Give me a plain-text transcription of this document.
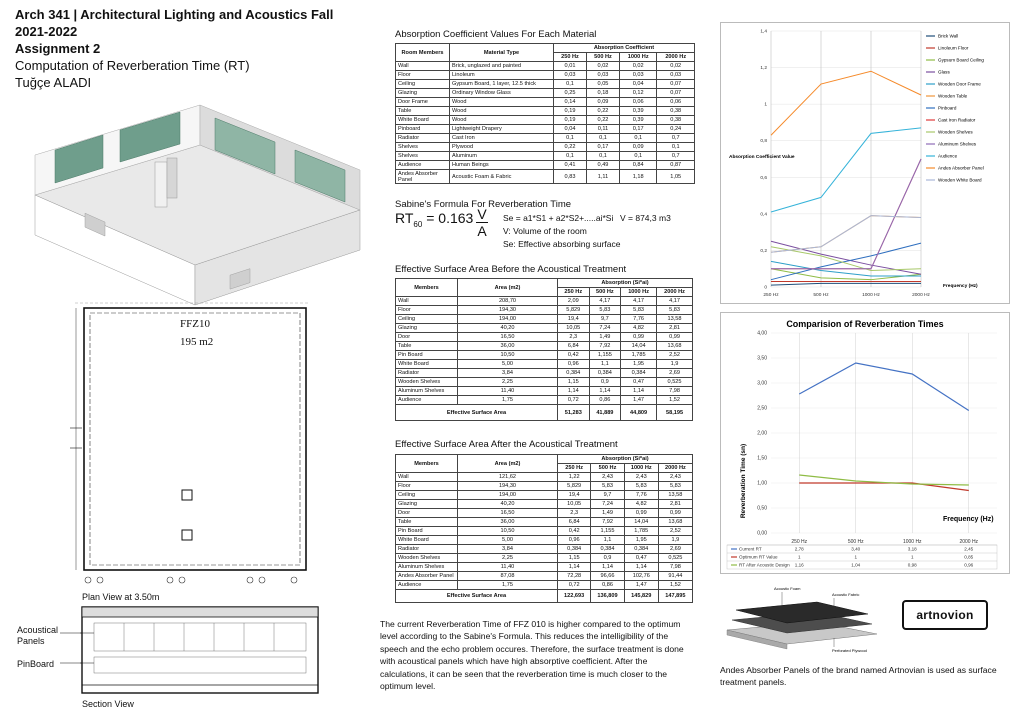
Arch 341 | Architectural Lighting and Acoustics Fall
2021-2022
Assignment 2
Computation of Reverberation Time (RT)
Tuğçe ALADI
FFZ10
195 m2
Plan View at 3.50m
Acoustical
Panels
PinBoard
Section View
Absorption Coefficient Values For Each Material
Room Members	Material Type	Absorption Coefficient			
		250 Hz	500 Hz	1000 Hz	2000 Hz
Wall	Brick, unglazed and painted	0,01	0,02	0,02	0,02
Floor	Linoleum	0,03	0,03	0,03	0,03
Ceiling	Gypsum Board, 1 layer, 12.5 thick	0,1	0,05	0,04	0,07
Glazing	Ordinary Window Glass	0,25	0,18	0,12	0,07
Door Frame	Wood	0,14	0,09	0,06	0,06
Table	Wood	0,19	0,22	0,39	0,38
White Board	Wood	0,19	0,22	0,39	0,38
Pinboard	Lightweight Drapery	0,04	0,11	0,17	0,24
Radiator	Cast Iron	0,1	0,1	0,1	0,7
Shelves	Plywood	0,22	0,17	0,09	0,1
Shelves	Aluminum	0,1	0,1	0,1	0,7
Audience	Human Beings	0,41	0,49	0,84	0,87
Andes Absorber Panel	Acoustic Foam & Fabric	0,83	1,11	1,18	1,05
Sabine's Formula For Reverberation Time
$RT_{60} = 0.163 \frac{V}{A}$ Se = a1*S1 + a2*S2+.....ai*Si V = 874,3 m3
V: Volume of the room
Se: Effective absorbing surface
Effective Surface Area Before the Acoustical Treatment
Members	Area (m2)	Absorption (Si*ai)			
		250 Hz	500 Hz	1000 Hz	2000 Hz
Wall	208,70	2,09	4,17	4,17	4,17
Floor	194,30	5,829	5,83	5,83	5,83
Ceiling	194,00	19,4	9,7	7,76	13,58
Glazing	40,20	10,05	7,24	4,82	2,81
Door	16,50	2,3	1,49	0,99	0,99
Table	36,00	6,84	7,92	14,04	13,68
Pin Board	10,50	0,42	1,155	1,785	2,52
White Board	5,00	0,96	1,1	1,95	1,9
Radiator	3,84	0,384	0,384	0,384	2,69
Wooden Shelves	2,25	1,15	0,9	0,47	0,525
Aluminum Shelves	11,40	1,14	1,14	1,14	7,98
Audience	1,75	0,72	0,86	1,47	1,52
Effective Surface Area		51,283	41,889	44,809	58,195
Effective Surface Area After the Acoustical Treatment
Members	Area (m2)	Absorption (Si*ai)			
		250 Hz	500 Hz	1000 Hz	2000 Hz
Wall	121,62	1,22	2,43	2,43	2,43
Floor	194,30	5,829	5,83	5,83	5,83
Ceiling	194,00	19,4	9,7	7,76	13,58
Glazing	40,20	10,05	7,24	4,82	2,81
Door	16,50	2,3	1,49	0,99	0,99
Table	36,00	6,84	7,92	14,04	13,68
Pin Board	10,50	0,42	1,155	1,785	2,52
White Board	5,00	0,96	1,1	1,95	1,9
Radiator	3,84	0,384	0,384	0,384	2,69
Wooden Shelves	2,25	1,15	0,9	0,47	0,525
Aluminum Shelves	11,40	1,14	1,14	1,14	7,98
Andes Absorber Panel	87,08	72,28	96,66	102,76	91,44
Audience	1,75	0,72	0,86	1,47	1,52
Effective Surface Area		122,693	136,809	145,829	147,895
The current Reverberation Time of FFZ 010 is higher compared to the optimum level according to the Sabine's Formula. This reduces the intelligibility of the speech and the echo problem occures. Therefore, the surface treatment is done with acoustical panels which have high absorptive coefficient. After the calculations, it can be seen that the reverberation time is much closer to the optimum level.
0
0,2
0,4
0,6
0,8
1
1,2
1,4
250 Hz	500 Hz	1000 Hz	2000 Hz
Brick Wall
Linoleum Floor
Gypsum Board Ceiling
Glass
Wooden Door Frame
Wooden Table
Pinboard
Cast Iron Radiator
Wooden Shelves
Aluminum Shelves
Audience
Andes Absorber Panel
Wooden White Board
Absorption Coefficient Value
Frequency (Hz)
Comparision of Reverberation Times
0,00
0,50
1,00
1,50
2,00
2,50
3,00
3,50
4,00
250 Hz	500 Hz	1000 Hz	2000 Hz
Current RT	2,78	3,40	3,18	2,45
Optimum RT Value	1	1	1	0,85
RT After Acoustic Design 1,16	1,04	0,98	0,96
Reverberation Time (sn)
Frequency (Hz)
Acoustic Foam
Acoustic Fabric
Perforated Plywood
artnovion
Andes Absorber Panels of the brand named Artnovian is used as surface treatment panels.
